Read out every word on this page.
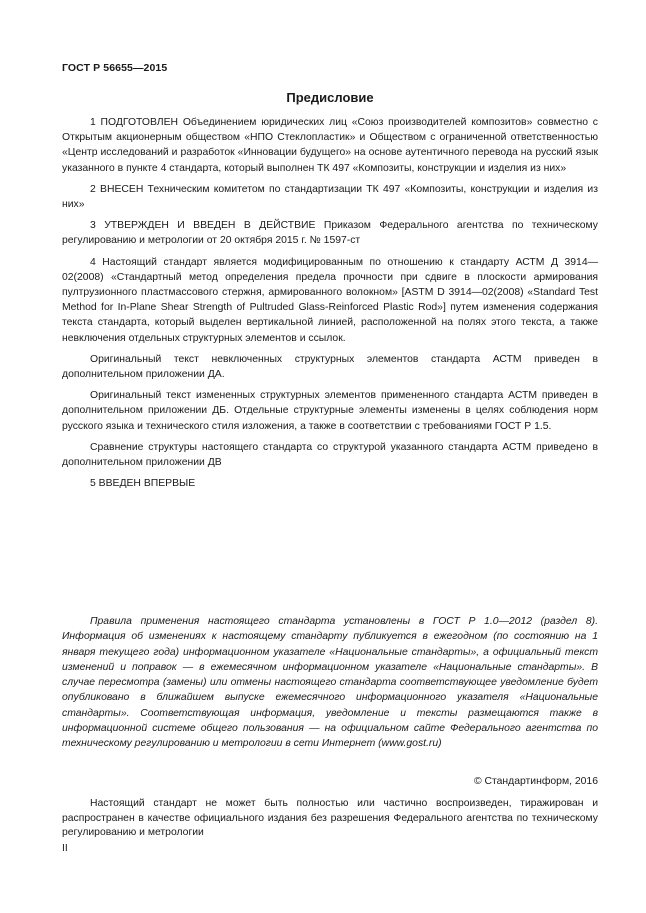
ГОСТ Р 56655—2015
Предисловие

1 ПОДГОТОВЛЕН Объединением юридических лиц «Союз производителей композитов» совместно с Открытым акционерным обществом «НПО Стеклопластик» и Обществом с ограниченной ответственностью «Центр исследований и разработок «Инновации будущего» на основе аутентичного перевода на русский язык указанного в пункте 4 стандарта, который выполнен ТК 497 «Композиты, конструкции и изделия из них»

2 ВНЕСЕН Техническим комитетом по стандартизации ТК 497 «Композиты, конструкции и изделия из них»

3 УТВЕРЖДЕН И ВВЕДЕН В ДЕЙСТВИЕ Приказом Федерального агентства по техническому регулированию и метрологии от 20 октября 2015 г. № 1597-ст

4 Настоящий стандарт является модифицированным по отношению к стандарту АСТМ Д 3914—02(2008) «Стандартный метод определения предела прочности при сдвиге в плоскости армирования пултрузионного пластмассового стержня, армированного волокном» [ASTM D 3914—02(2008) «Standard Test Method for In-Plane Shear Strength of Pultruded Glass-Reinforced Plastic Rod»] путем изменения содержания текста стандарта, который выделен вертикальной линией, расположенной на полях этого текста, а также невключения отдельных структурных элементов и ссылок.

Оригинальный текст невключенных структурных элементов стандарта АСТМ приведен в дополнительном приложении ДА.

Оригинальный текст измененных структурных элементов примененного стандарта АСТМ приведен в дополнительном приложении ДБ. Отдельные структурные элементы изменены в целях соблюдения норм русского языка и технического стиля изложения, а также в соответствии с требованиями ГОСТ Р 1.5.

Сравнение структуры настоящего стандарта со структурой указанного стандарта АСТМ приведено в дополнительном приложении ДВ

5 ВВЕДЕН ВПЕРВЫЕ

Правила применения настоящего стандарта установлены в ГОСТ Р 1.0—2012 (раздел 8). Информация об изменениях к настоящему стандарту публикуется в ежегодном (по состоянию на 1 января текущего года) информационном указателе «Национальные стандарты», а официальный текст изменений и поправок — в ежемесячном информационном указателе «Национальные стандарты». В случае пересмотра (замены) или отмены настоящего стандарта соответствующее уведомление будет опубликовано в ближайшем выпуске ежемесячного информационного указателя «Национальные стандарты». Соответствующая информация, уведомление и тексты размещаются также в информационной системе общего пользования — на официальном сайте Федерального агентства по техническому регулированию и метрологии в сети Интернет (www.gost.ru)

© Стандартинформ, 2016

Настоящий стандарт не может быть полностью или частично воспроизведен, тиражирован и распространен в качестве официального издания без разрешения Федерального агентства по техническому регулированию и метрологии

II
